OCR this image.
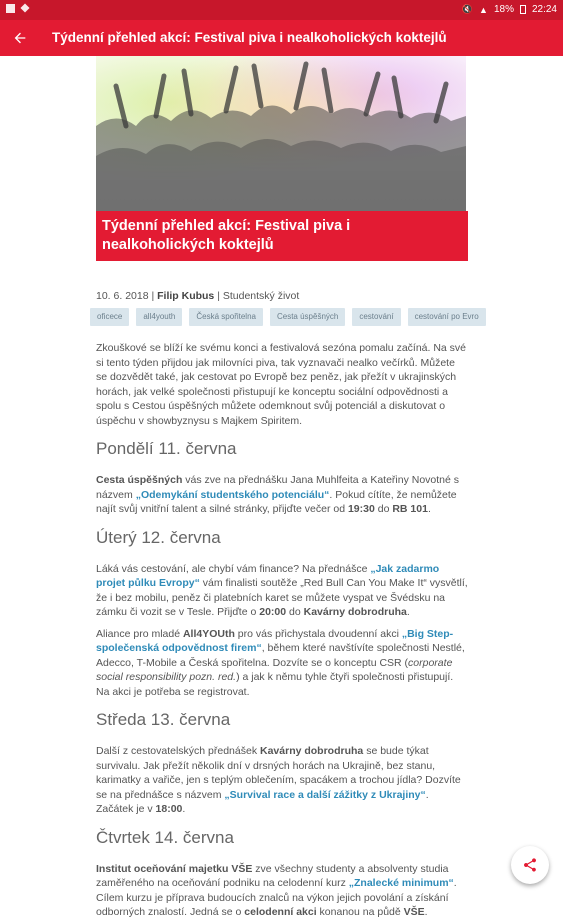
🔇 ▲ 18% 22:24
Týdenní přehled akcí: Festival piva i nealkoholických koktejlů
Týdenní přehled akcí: Festival piva i nealkoholických koktejlů
10. 6. 2018 | Filip Kubus | Studentský život
oficece	all4youth	Česká spořitelna	Cesta úspěšných	cestování	cestování po Evro

Zkouškové se blíží ke svému konci a festivalová sezóna pomalu začíná. Na své si tento týden přijdou jak milovníci piva, tak vyznavači nealko večírků. Můžete se dozvědět také, jak cestovat po Evropě bez peněz, jak přežít v ukrajinských horách, jak velké společnosti přistupují ke konceptu sociální odpovědnosti a spolu s Cestou úspěšných můžete odemknout svůj potenciál a diskutovat o úspěchu v showbyznysu s Majkem Spiritem.

Pondělí 11. června

Cesta úspěšných vás zve na přednášku Jana Muhlfeita a Kateřiny Novotné s názvem „Odemykání studentského potenciálu“. Pokud cítíte, že nemůžete najít svůj vnitřní talent a silné stránky, přijďte večer od 19:30 do RB 101.

Úterý 12. června

Láká vás cestování, ale chybí vám finance? Na přednášce „Jak zadarmo projet půlku Evropy“ vám finalisti soutěže „Red Bull Can You Make It“ vysvětlí, že i bez mobilu, peněz či platebních karet se můžete vyspat ve Švédsku na zámku či vozit se v Tesle. Přijďte o 20:00 do Kavárny dobrodruha.

Aliance pro mladé All4YOUth pro vás přichystala dvoudenní akci „Big Step-společenská odpovědnost firem“, během které navštívíte společnosti Nestlé, Adecco, T-Mobile a Česká spořitelna. Dozvíte se o konceptu CSR (corporate social responsibility pozn. red.) a jak k němu tyhle čtyři společnosti přistupují. Na akci je potřeba se registrovat.

Středa 13. června

Další z cestovatelských přednášek Kavárny dobrodruha se bude týkat survivalu. Jak přežít několik dní v drsných horách na Ukrajině, bez stanu, karimatky a vařiče, jen s teplým oblečením, spacákem a trochou jídla? Dozvíte se na přednášce s názvem „Survival race a další zážitky z Ukrajiny“. Začátek je v 18:00.

Čtvrtek 14. června

Institut oceňování majetku VŠE zve všechny studenty a absolventy studia zaměřeného na oceňování podniku na celodenní kurz „Znalecké minimum“. Cílem kurzu je příprava budoucích znalců na výkon jejich povolání a získání odborných znalostí. Jedná se o celodenní akci konanou na půdě VŠE.
